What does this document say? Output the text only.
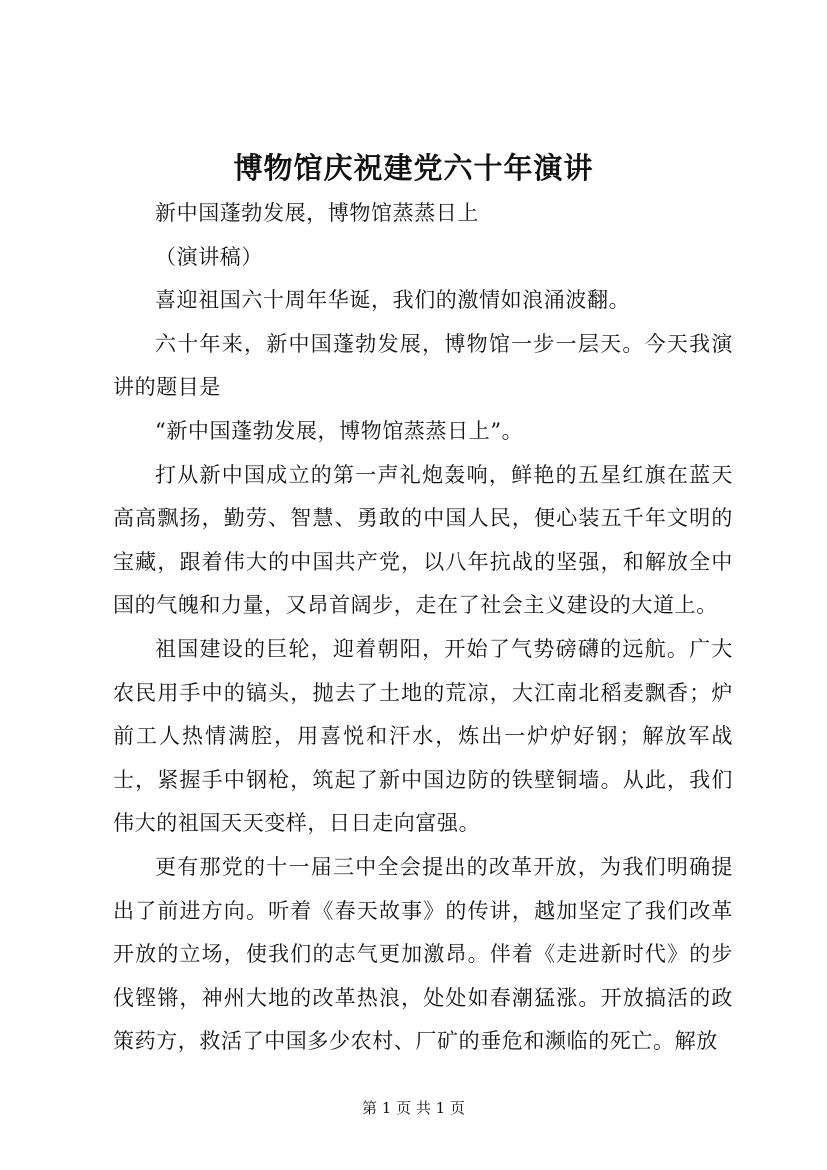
博物馆庆祝建党六十年演讲

新中国蓬勃发展，博物馆蒸蒸日上

（演讲稿）

喜迎祖国六十周年华诞，我们的激情如浪涌波翻。

六十年来，新中国蓬勃发展，博物馆一步一层天。今天我演讲的题目是

“新中国蓬勃发展，博物馆蒸蒸日上”。

打从新中国成立的第一声礼炮轰响，鲜艳的五星红旗在蓝天高高飘扬，勤劳、智慧、勇敢的中国人民，便心装五千年文明的宝藏，跟着伟大的中国共产党，以八年抗战的坚强，和解放全中国的气魄和力量，又昂首阔步，走在了社会主义建设的大道上。

祖国建设的巨轮，迎着朝阳，开始了气势磅礴的远航。广大农民用手中的镐头，抛去了土地的荒凉，大江南北稻麦飘香；炉前工人热情满腔，用喜悦和汗水，炼出一炉炉好钢；解放军战士，紧握手中钢枪，筑起了新中国边防的铁壁铜墙。从此，我们伟大的祖国天天变样，日日走向富强。

更有那党的十一届三中全会提出的改革开放，为我们明确提出了前进方向。听着《春天故事》的传讲，越加坚定了我们改革开放的立场，使我们的志气更加激昂。伴着《走进新时代》的步伐铿锵，神州大地的改革热浪，处处如春潮猛涨。开放搞活的政策药方，救活了中国多少农村、厂矿的垂危和濒临的死亡。解放

第 1 页 共 1 页
